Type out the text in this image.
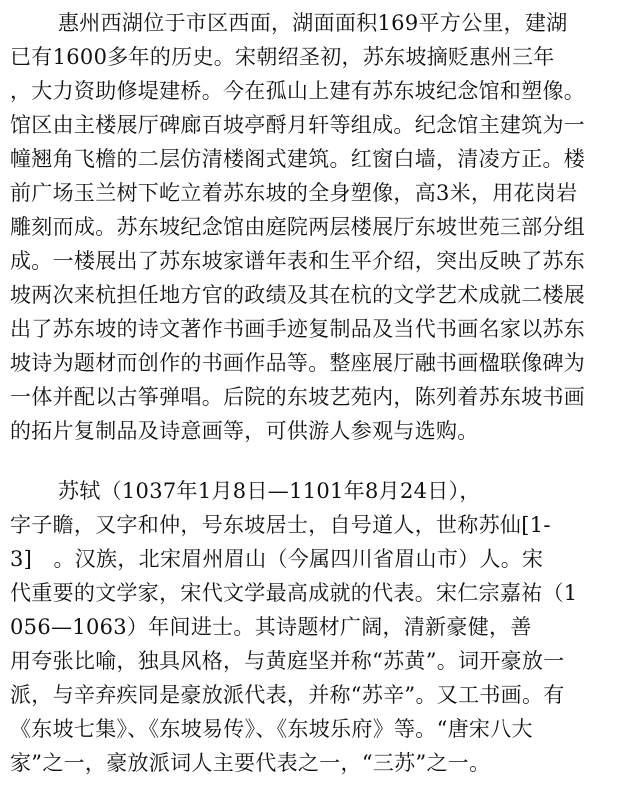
惠州西湖位于市区西面，湖面面积169平方公里，建湖
已有1600多年的历史。宋朝绍圣初，苏东坡摘贬惠州三年
，大力资助修堤建桥。今在孤山上建有苏东坡纪念馆和塑像。
馆区由主楼展厅碑廊百坡亭酹月轩等组成。纪念馆主建筑为一
幢翘角飞檐的二层仿清楼阁式建筑。红窗白墙，清凌方正。楼
前广场玉兰树下屹立着苏东坡的全身塑像，高3米，用花岗岩
雕刻而成。苏东坡纪念馆由庭院两层楼展厅东坡世苑三部分组
成。一楼展出了苏东坡家谱年表和生平介绍，突出反映了苏东
坡两次来杭担任地方官的政绩及其在杭的文学艺术成就二楼展
出了苏东坡的诗文著作书画手迹复制品及当代书画名家以苏东
坡诗为题材而创作的书画作品等。整座展厅融书画楹联像碑为
一体并配以古筝弹唱。后院的东坡艺苑内，陈列着苏东坡书画
的拓片复制品及诗意画等，可供游人参观与选购。
苏轼（1037年1月8日—1101年8月24日），
字子瞻，又字和仲，号东坡居士，自号道人，世称苏仙[1-
3]　。汉族，北宋眉州眉山（今属四川省眉山市）人。宋
代重要的文学家，宋代文学最高成就的代表。宋仁宗嘉祐（1
056—1063）年间进士。其诗题材广阔，清新豪健，善
用夸张比喻，独具风格，与黄庭坚并称“苏黄”。词开豪放一
派，与辛弃疾同是豪放派代表，并称“苏辛”。又工书画。有
《东坡七集》、《东坡易传》、《东坡乐府》等。“唐宋八大
家”之一，豪放派词人主要代表之一，“三苏”之一。
